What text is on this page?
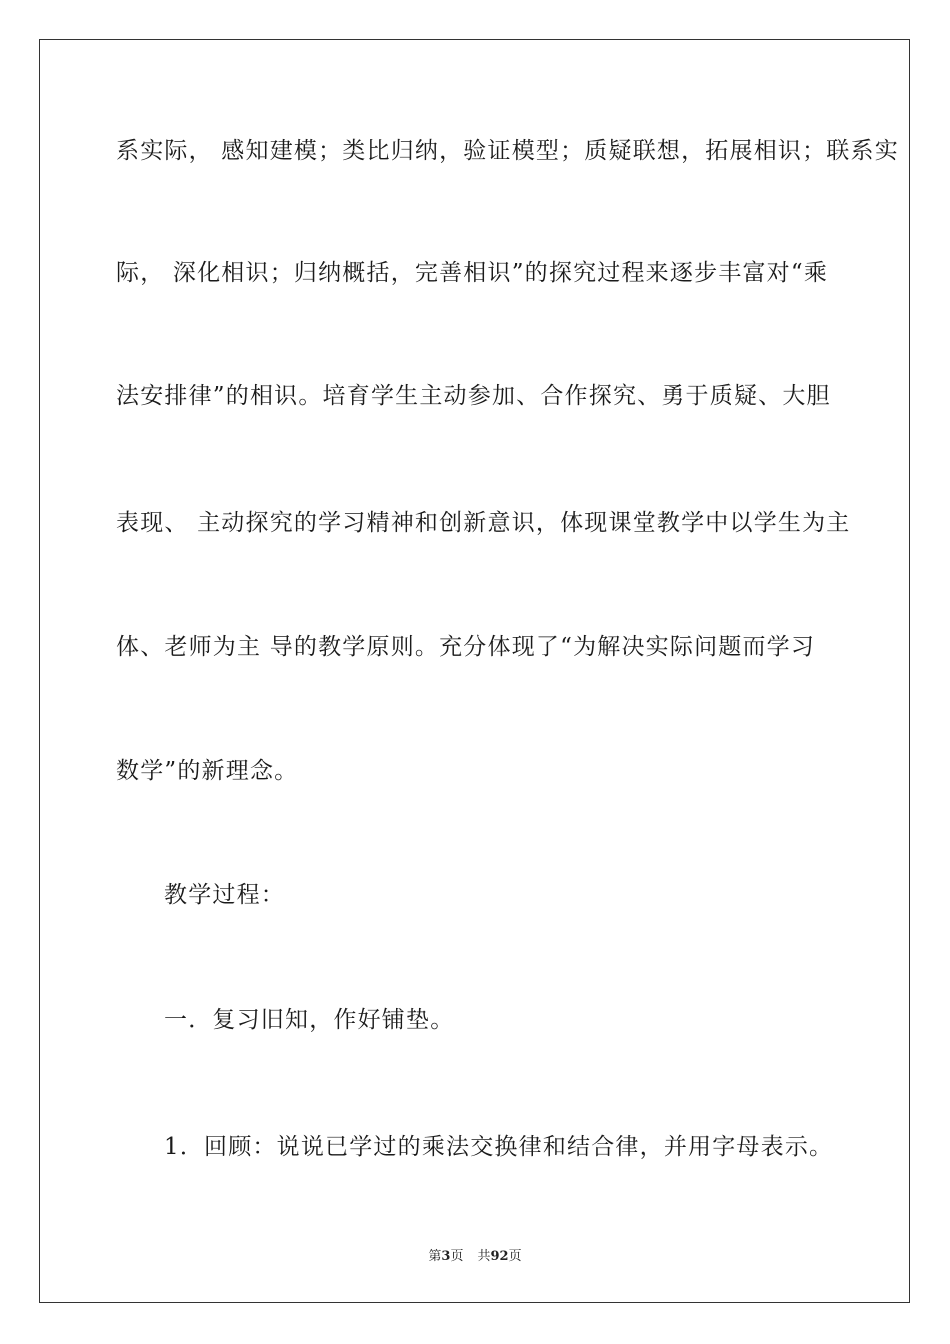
系实际， 感知建模；类比归纳，验证模型；质疑联想，拓展相识；联系实
际， 深化相识；归纳概括，完善相识”的探究过程来逐步丰富对“乘
法安排律”的相识。培育学生主动参加、合作探究、勇于质疑、大胆
表现、 主动探究的学习精神和创新意识，体现课堂教学中以学生为主
体、老师为主 导的教学原则。充分体现了“为解决实际问题而学习
数学”的新理念。
教学过程：
一．复习旧知，作好铺垫。
1．回顾：说说已学过的乘法交换律和结合律，并用字母表示。
第3页 共92页
